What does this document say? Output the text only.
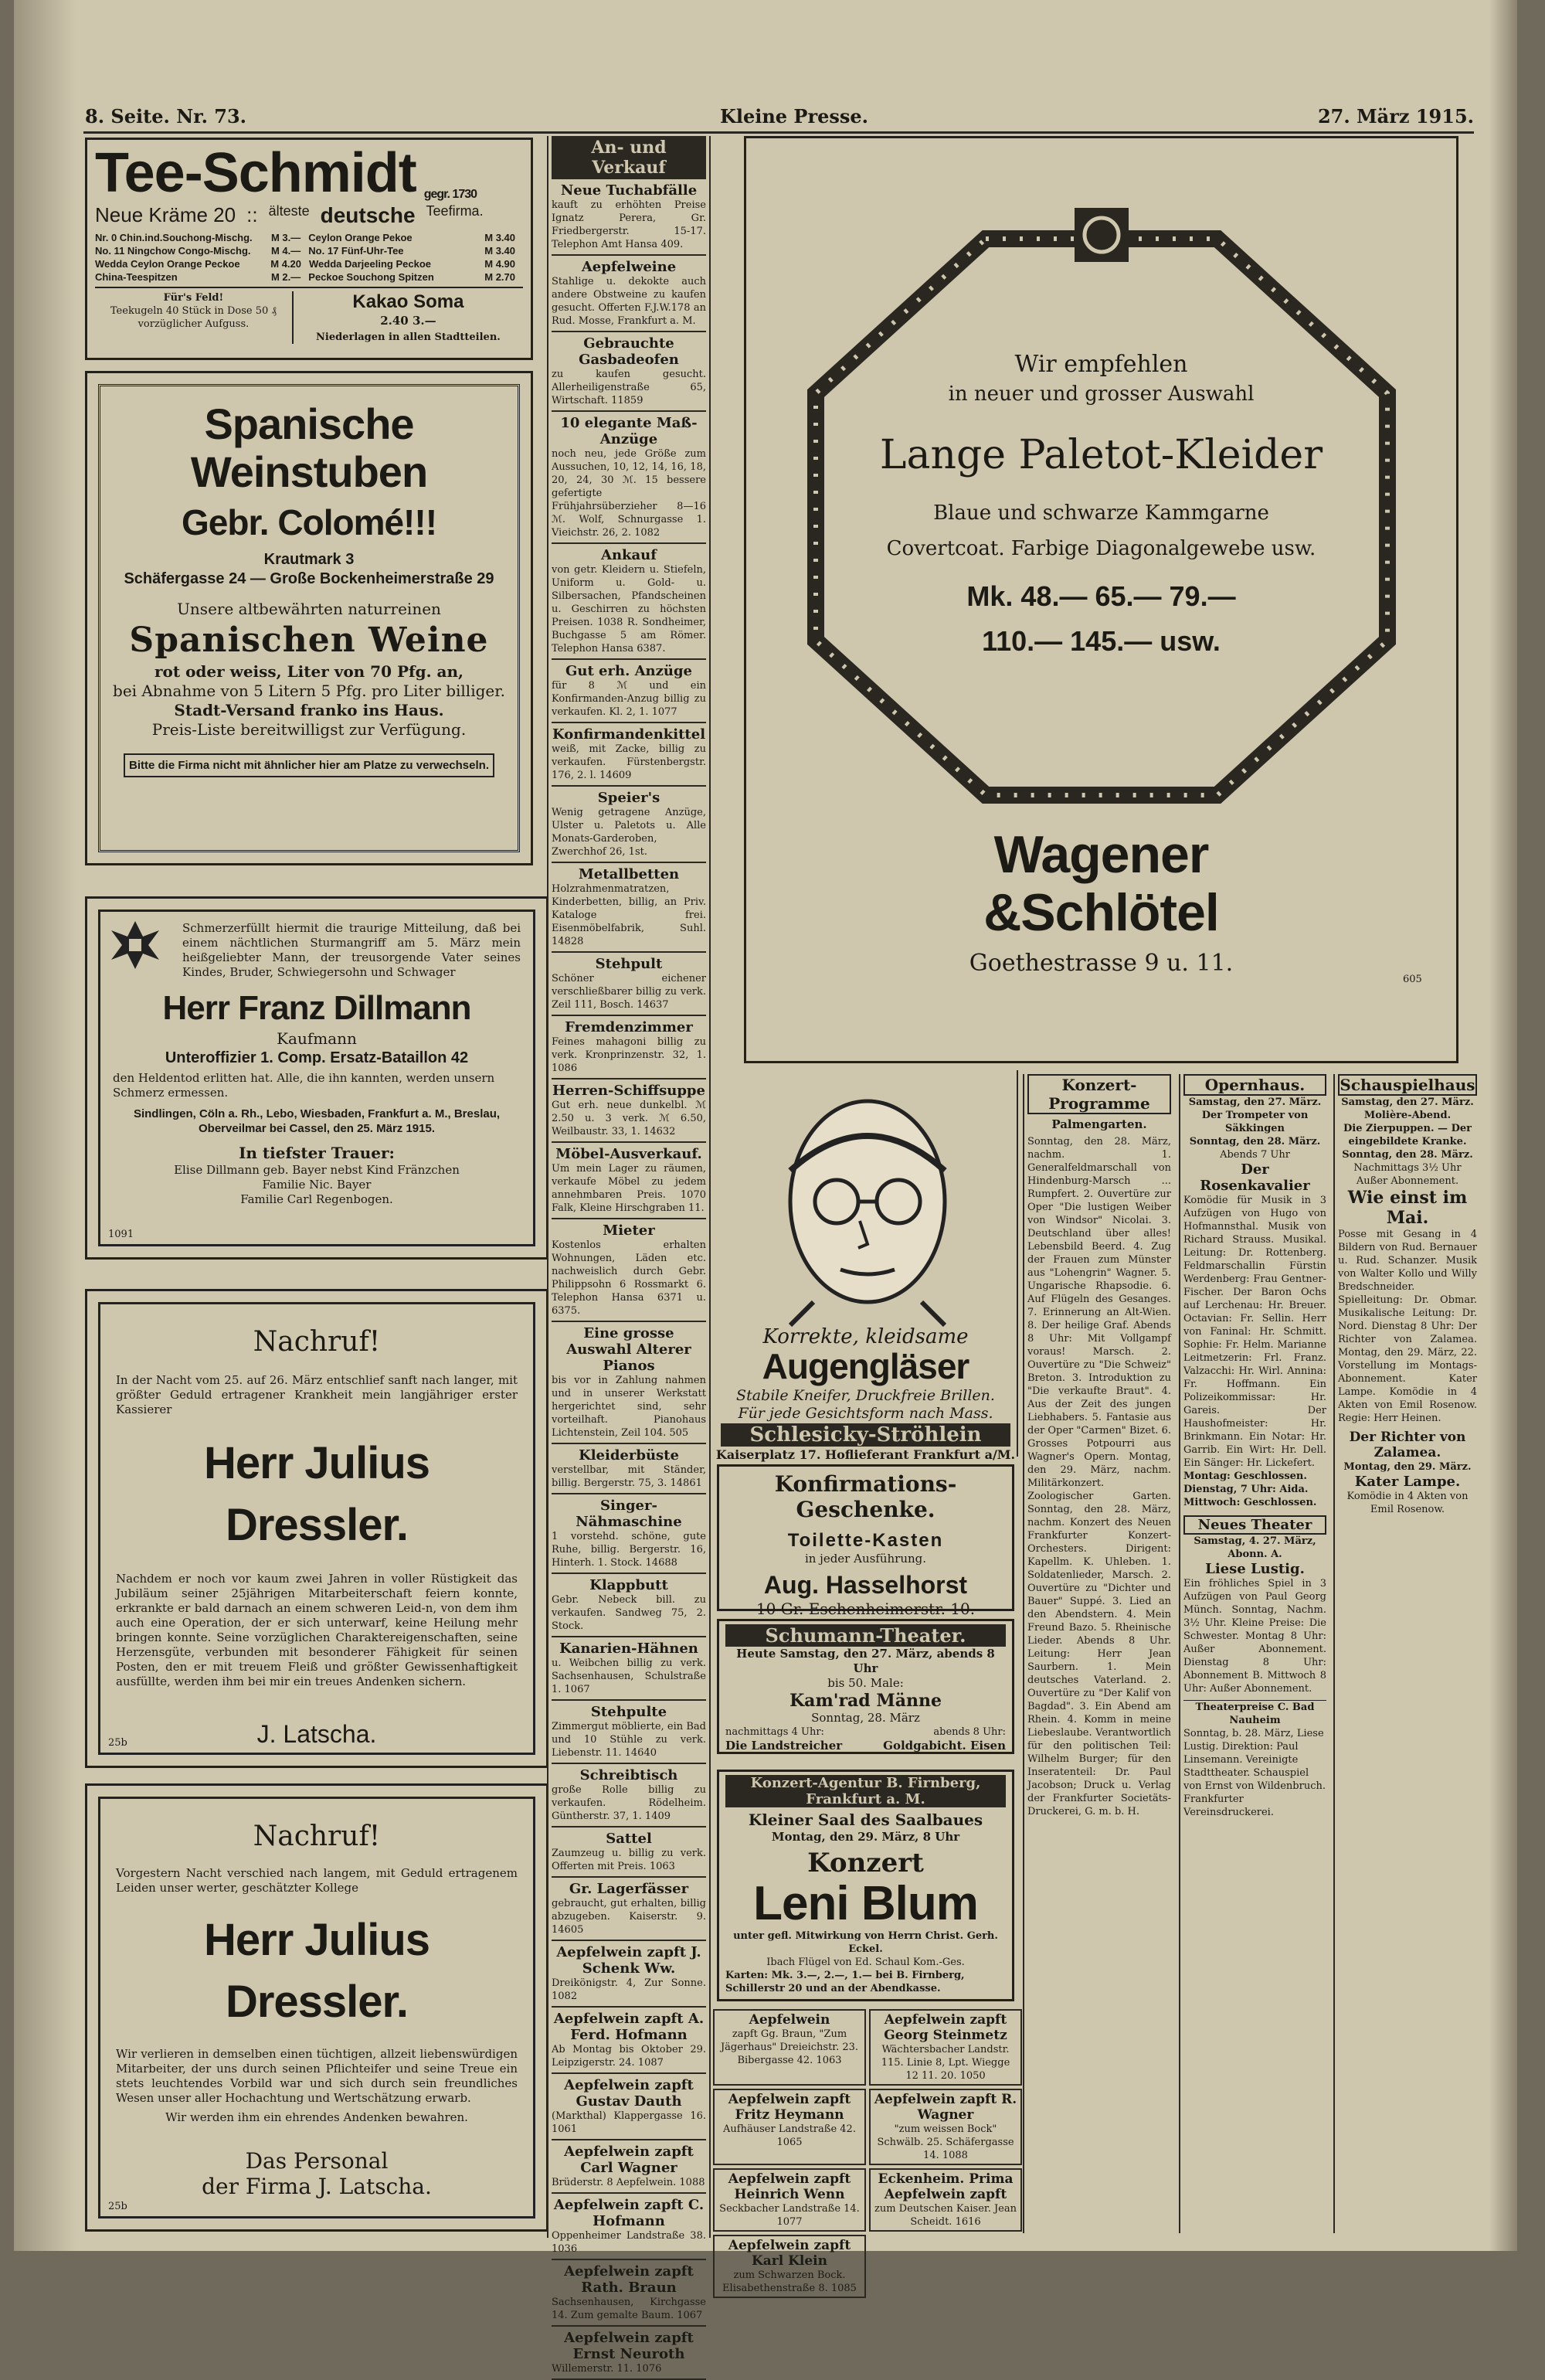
8. Seite. Nr. 73.	Kleine Presse.	27. März 1915.
Tee-Schmidt gegr. 1730
Neue Kräme 20 :: älteste deutsche Teefirma.
Nr. 0 Chin.ind.Souchong-Mischg.	M 3.— Ceylon Orange Pekoe	M 3.40
No. 11 Ningchow Congo-Mischg.	M 4.— No. 17 Fünf-Uhr-Tee	M 3.40
Wedda Ceylon Orange Peckoe	M 4.20 Wedda Darjeeling Peckoe	M 4.90
China-Teespitzen	M 2.— Peckoe Souchong Spitzen	M 2.70
Für's Feld!
Teekugeln 40 Stück in Dose 50 ₰
vorzüglicher Aufguss.
Kakao Soma
2.40 3.—
Niederlagen in allen Stadtteilen.
Spanische Weinstuben
Gebr. Colomé!!!
Krautmark 3
Schäfergasse 24 — Große Bockenheimerstraße 29
Unsere altbewährten naturreinen
Spanischen Weine
rot oder weiss, Liter von 70 Pfg. an,
bei Abnahme von 5 Litern 5 Pfg. pro Liter billiger.
Stadt-Versand franko ins Haus.
Preis-Liste bereitwilligst zur Verfügung.
Bitte die Firma nicht mit ähnlicher hier am Platze zu verwechseln.
Schmerzerfüllt hiermit die traurige Mitteilung, daß bei einem nächtlichen Sturmangriff am 5. März mein heißgeliebter Mann, der treusorgende Vater seines Kindes, Bruder, Schwiegersohn und Schwager
Herr Franz Dillmann
Kaufmann
Unteroffizier 1. Comp. Ersatz-Bataillon 42
den Heldentod erlitten hat. Alle, die ihn kannten, werden unsern Schmerz ermessen.
Sindlingen, Cöln a. Rh., Lebo, Wiesbaden, Frankfurt a. M., Breslau, Oberveilmar bei Cassel, den 25. März 1915.
In tiefster Trauer:
Elise Dillmann geb. Bayer nebst Kind Fränzchen
Familie Nic. Bayer
Familie Carl Regenbogen.
1091
Nachruf!
In der Nacht vom 25. auf 26. März entschlief sanft nach langer, mit größter Geduld ertragener Krankheit mein langjähriger erster Kassierer
Herr Julius Dressler.
Nachdem er noch vor kaum zwei Jahren in voller Rüstigkeit das Jubiläum seiner 25jährigen Mitarbeiterschaft feiern konnte, erkrankte er bald darnach an einem schweren Leid-n, von dem ihm auch eine Operation, der er sich unterwarf, keine Heilung mehr bringen konnte. Seine vorzüglichen Charaktereigenschaften, seine Herzensgüte, verbunden mit besonderer Fähigkeit für seinen Posten, den er mit treuem Fleiß und größter Gewissenhaftigkeit ausfüllte, werden ihm bei mir ein treues Andenken sichern.
J. Latscha.
25b
Nachruf!
Vorgestern Nacht verschied nach langem, mit Geduld ertragenem Leiden unser werter, geschätzter Kollege
Herr Julius Dressler.
Wir verlieren in demselben einen tüchtigen, allzeit liebenswürdigen Mitarbeiter, der uns durch seinen Pflichteifer und seine Treue ein stets leuchtendes Vorbild war und sich durch sein freundliches Wesen unser aller Hochachtung und Wertschätzung erwarb.
Wir werden ihm ein ehrendes Andenken bewahren.
Das Personal
der Firma J. Latscha.
25b
An- und Verkauf
Neue Tuchabfälle
kauft zu erhöhten Preise Ignatz Perera, Gr. Friedbergerstr. 15-17. Telephon Amt Hansa 409.
Aepfelweine
Stahlige u. dekokte auch andere Obstweine zu kaufen gesucht. Offerten F.J.W.178 an Rud. Mosse, Frankfurt a. M.
Gebrauchte Gasbadeofen
zu kaufen gesucht. Allerheiligenstraße 65, Wirtschaft. 11859
10 elegante Maß-Anzüge
noch neu, jede Größe zum Aussuchen, 10, 12, 14, 16, 18, 20, 24, 30 ℳ. 15 bessere gefertigte Frühjahrsüberzieher 8—16 ℳ. Wolf, Schnurgasse 1. Vieichstr. 26, 2. 1082
Ankauf
von getr. Kleidern u. Stiefeln, Uniform u. Gold- u. Silbersachen, Pfandscheinen u. Geschirren zu höchsten Preisen. 1038 R. Sondheimer, Buchgasse 5 am Römer. Telephon Hansa 6387.
Gut erh. Anzüge
für 8 ℳ und ein Konfirmanden-Anzug billig zu verkaufen. Kl. 2, 1. 1077
Konfirmandenkittel
weiß, mit Zacke, billig zu verkaufen. Fürstenbergstr. 176, 2. l. 14609
Speier's
Wenig getragene Anzüge, Ulster u. Paletots u. Alle Monats-Garderoben, Zwerchhof 26, 1st.
Metallbetten
Holzrahmenmatratzen, Kinderbetten, billig, an Priv. Kataloge frei. Eisenmöbelfabrik, Suhl. 14828
Stehpult
Schöner eichener verschließbarer billig zu verk. Zeil 111, Bosch. 14637
Fremdenzimmer
Feines mahagoni billig zu verk. Kronprinzenstr. 32, 1. 1086
Herren-Schiffsuppe
Gut erh. neue dunkelbl. ℳ 2.50 u. 3 verk. ℳ 6.50, Weilbaustr. 33, 1. 14632
Möbel-Ausverkauf.
Um mein Lager zu räumen, verkaufe Möbel zu jedem annehmbaren Preis. 1070 Falk, Kleine Hirschgraben 11.
Mieter
Kostenlos erhalten Wohnungen, Läden etc. nachweislich durch Gebr. Philippsohn 6 Rossmarkt 6. Telephon Hansa 6371 u. 6375.
Eine grosse Auswahl Alterer Pianos
bis vor in Zahlung nahmen und in unserer Werkstatt hergerichtet sind, sehr vorteilhaft. Pianohaus Lichtenstein, Zeil 104. 505
Kleiderbüste
verstellbar, mit Ständer, billig. Bergerstr. 75, 3. 14861
Singer-Nähmaschine
1 vorstehd. schöne, gute Ruhe, billig. Bergerstr. 16, Hinterh. 1. Stock. 14688
Klappbutt
Gebr. Nebeck bill. zu verkaufen. Sandweg 75, 2. Stock.
Kanarien-Hähnen
u. Weibchen billig zu verk. Sachsenhausen, Schulstraße 1. 1067
Stehpulte
Zimmergut möblierte, ein Bad und 10 Stühle zu verk. Liebenstr. 11. 14640
Schreibtisch
große Rolle billig zu verkaufen. Rödelheim. Güntherstr. 37, 1. 1409
Sattel
Zaumzeug u. billig zu verk. Offerten mit Preis. 1063
Gr. Lagerfässer
gebraucht, gut erhalten, billig abzugeben. Kaiserstr. 9. 14605
Aepfelwein zapft J. Schenk Ww.
Dreikönigstr. 4, Zur Sonne. 1082
Aepfelwein zapft A. Ferd. Hofmann
Ab Montag bis Oktober 29. Leipzigerstr. 24. 1087
Aepfelwein zapft Gustav Dauth
(Markthal) Klappergasse 16. 1061
Aepfelwein zapft Carl Wagner
Brüderstr. 8 Aepfelwein. 1088
Aepfelwein zapft C. Hofmann
Oppenheimer Landstraße 38. 1036
Aepfelwein zapft Rath. Braun
Sachsenhausen, Kirchgasse 14. Zum gemalte Baum. 1067
Aepfelwein zapft Ernst Neuroth
Willemerstr. 11. 1076
Wir empfehlen
in neuer und grosser Auswahl
Lange Paletot-Kleider
Blaue und schwarze Kammgarne
Covertcoat. Farbige Diagonalgewebe usw.
Mk. 48.— 65.— 79.—
110.— 145.— usw.
Wagener
&Schlötel
Goethestrasse 9 u. 11.
605
Korrekte, kleidsame
Augengläser
Stabile Kneifer, Druckfreie Brillen.
Für jede Gesichtsform nach Mass.
Schlesicky-Ströhlein
Kaiserplatz 17. Hoflieferant Frankfurt a/M.
Konfirmations-Geschenke.
Toilette-Kasten
in jeder Ausführung.
Aug. Hasselhorst
10 Gr. Eschenheimerstr. 10.
Schumann-Theater.
Heute Samstag, den 27. März, abends 8 Uhr
bis 50. Male:
Kam'rad Männe
Sonntag, 28. März
nachmittags 4 Uhr:	abends 8 Uhr:
Die Landstreicher	Goldgabicht. Eisen
Konzert-Agentur B. Firnberg, Frankfurt a. M.
Kleiner Saal des Saalbaues
Montag, den 29. März, 8 Uhr
Konzert
Leni Blum
unter gefl. Mitwirkung von Herrn Christ. Gerh. Eckel.
Ibach Flügel von Ed. Schaul Kom.-Ges.
Karten: Mk. 3.—, 2.—, 1.— bei B. Firnberg, Schillerstr 20 und an der Abendkasse.
Aepfelwein
zapft Gg. Braun, "Zum Jägerhaus" Dreieichstr. 23. Bibergasse 42. 1063
Aepfelwein zapft Georg Steinmetz
Wächtersbacher Landstr. 115. Linie 8, Lpt. Wiegge 12 11. 20. 1050
Aepfelwein zapft Fritz Heymann
Aufhäuser Landstraße 42. 1065
Aepfelwein zapft R. Wagner
"zum weissen Bock" Schwälb. 25. Schäfergasse 14. 1088
Aepfelwein zapft Heinrich Wenn
Seckbacher Landstraße 14. 1077
Eckenheim. Prima Aepfelwein zapft
zum Deutschen Kaiser. Jean Scheidt. 1616
Aepfelwein zapft Karl Klein
zum Schwarzen Bock. Elisabethenstraße 8. 1085
Konzert-Programme
Palmengarten.
Sonntag, den 28. März, nachm. 1. Generalfeldmarschall von Hindenburg-Marsch ... Rumpfert. 2. Ouvertüre zur Oper "Die lustigen Weiber von Windsor" Nicolai. 3. Deutschland über alles! Lebensbild Beerd. 4. Zug der Frauen zum Münster aus "Lohengrin" Wagner. 5. Ungarische Rhapsodie. 6. Auf Flügeln des Gesanges. 7. Erinnerung an Alt-Wien. 8. Der heilige Graf. Abends 8 Uhr: Mit Vollgampf voraus! Marsch. 2. Ouvertüre zu "Die Schweiz" Breton. 3. Introduktion zu "Die verkaufte Braut". 4. Aus der Zeit des jungen Liebhabers. 5. Fantasie aus der Oper "Carmen" Bizet. 6. Grosses Potpourri aus Wagner's Opern. Montag, den 29. März, nachm. Militärkonzert. Zoologischer Garten. Sonntag, den 28. März, nachm. Konzert des Neuen Frankfurter Konzert-Orchesters. Dirigent: Kapellm. K. Uhleben. 1. Soldatenlieder, Marsch. 2. Ouvertüre zu "Dichter und Bauer" Suppé. 3. Lied an den Abendstern. 4. Mein Freund Bazo. 5. Rheinische Lieder. Abends 8 Uhr. Leitung: Herr Jean Saurbern. 1. Mein deutsches Vaterland. 2. Ouvertüre zu "Der Kalif von Bagdad". 3. Ein Abend am Rhein. 4. Komm in meine Liebeslaube. Verantwortlich für den politischen Teil: Wilhelm Burger; für den Inseratenteil: Dr. Paul Jacobson; Druck u. Verlag der Frankfurter Societäts-Druckerei, G. m. b. H.
Opernhaus.
Samstag, den 27. März.
Der Trompeter von Säkkingen
Sonntag, den 28. März.
Abends 7 Uhr
Der Rosenkavalier
Komödie für Musik in 3 Aufzügen von Hugo von Hofmannsthal. Musik von Richard Strauss. Musikal. Leitung: Dr. Rottenberg. Feldmarschallin Fürstin Werdenberg: Frau Gentner-Fischer. Der Baron Ochs auf Lerchenau: Hr. Breuer. Octavian: Fr. Sellin. Herr von Faninal: Hr. Schmitt. Sophie: Fr. Helm. Marianne Leitmetzerin: Frl. Franz. Valzacchi: Hr. Wirl. Annina: Fr. Hoffmann. Ein Polizeikommissar: Hr. Gareis. Der Haushofmeister: Hr. Brinkmann. Ein Notar: Hr. Garrib. Ein Wirt: Hr. Dell. Ein Sänger: Hr. Lickefert.
Montag: Geschlossen.
Dienstag, 7 Uhr: Aida.
Mittwoch: Geschlossen.
Neues Theater
Samstag, 4. 27. März, Abonn. A.
Liese Lustig.
Ein fröhliches Spiel in 3 Aufzügen von Paul Georg Münch. Sonntag, Nachm. 3½ Uhr. Kleine Preise: Die Schwester. Montag 8 Uhr: Außer Abonnement. Dienstag 8 Uhr: Abonnement B. Mittwoch 8 Uhr: Außer Abonnement.
Theaterpreise C. Bad Nauheim
Sonntag, b. 28. März, Liese Lustig. Direktion: Paul Linsemann. Vereinigte Stadttheater. Schauspiel von Ernst von Wildenbruch. Frankfurter Vereinsdruckerei.
Schauspielhaus
Samstag, den 27. März.
Molière-Abend.
Die Zierpuppen. — Der eingebildete Kranke.
Sonntag, den 28. März.
Nachmittags 3½ Uhr
Außer Abonnement.
Wie einst im Mai.
Posse mit Gesang in 4 Bildern von Rud. Bernauer u. Rud. Schanzer. Musik von Walter Kollo und Willy Bredschneider. Spielleitung: Dr. Obmar. Musikalische Leitung: Dr. Nord. Dienstag 8 Uhr: Der Richter von Zalamea. Montag, den 29. März, 22. Vorstellung im Montags-Abonnement. Kater Lampe. Komödie in 4 Akten von Emil Rosenow. Regie: Herr Heinen.
Der Richter von Zalamea.
Montag, den 29. März.
Kater Lampe.
Komödie in 4 Akten von Emil Rosenow.
